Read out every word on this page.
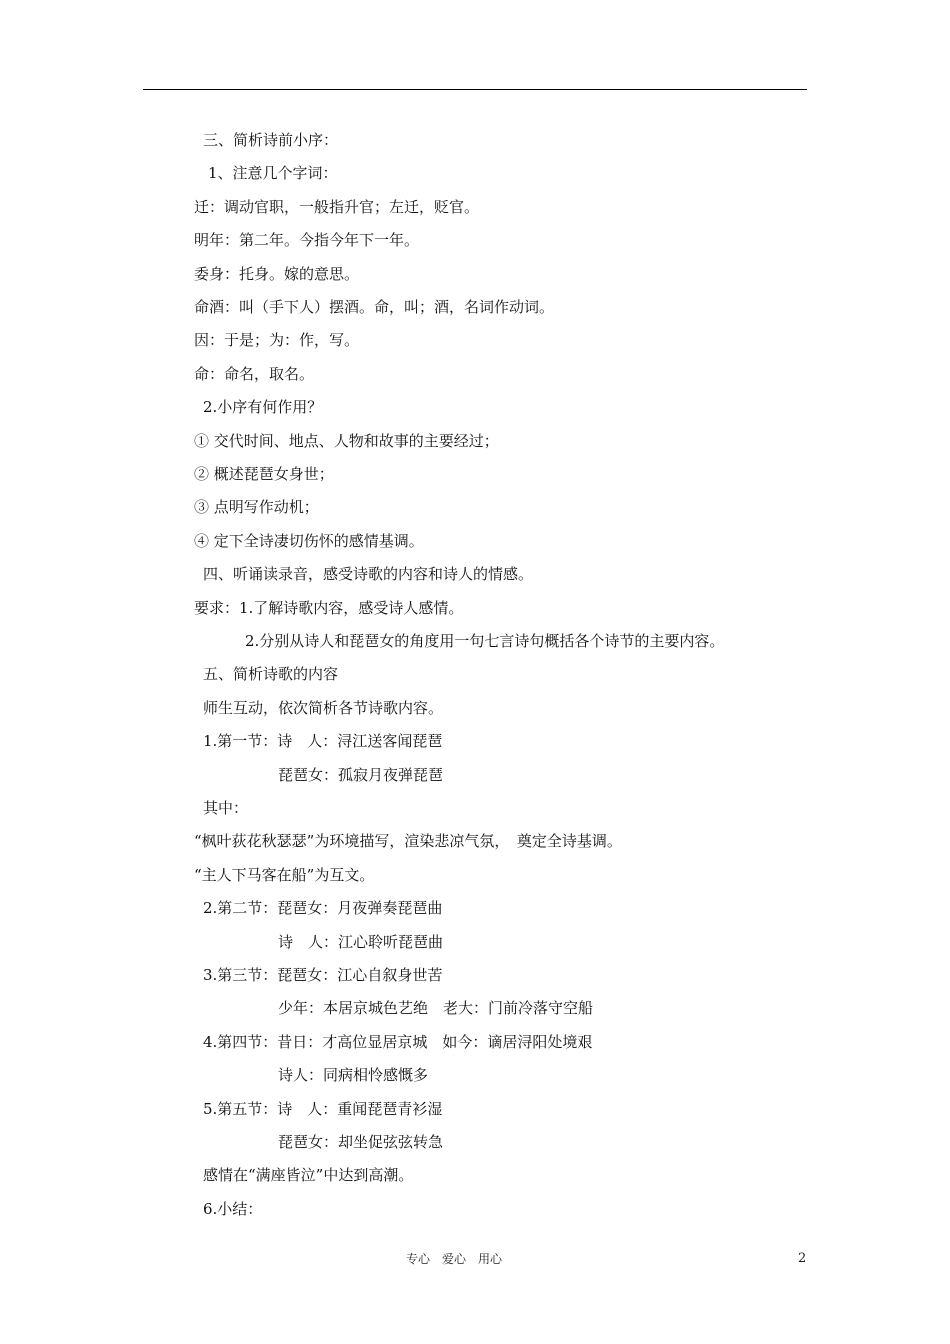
三、简析诗前小序：
1、注意几个字词：
迁：调动官职，一般指升官；左迁，贬官。
明年：第二年。今指今年下一年。
委身：托身。嫁的意思。
命酒：叫（手下人）摆酒。命，叫；酒，名词作动词。
因：于是；为：作，写。
命：命名，取名。
2.小序有何作用？
① 交代时间、地点、人物和故事的主要经过；
② 概述琵琶女身世；
③ 点明写作动机；
④ 定下全诗凄切伤怀的感情基调。
四、听诵读录音，感受诗歌的内容和诗人的情感。
要求：1.了解诗歌内容，感受诗人感情。
2.分别从诗人和琵琶女的角度用一句七言诗句概括各个诗节的主要内容。
五、简析诗歌的内容
师生互动，依次简析各节诗歌内容。
1.第一节：诗　人：浔江送客闻琵琶
琵琶女：孤寂月夜弹琵琶
其中：
“枫叶荻花秋瑟瑟”为环境描写，渲染悲凉气氛，　奠定全诗基调。
“主人下马客在船”为互文。
2.第二节：琵琶女：月夜弹奏琵琶曲
诗　人：江心聆听琵琶曲
3.第三节：琵琶女：江心自叙身世苦
少年：本居京城色艺绝　老大：门前冷落守空船
4.第四节：昔日：才高位显居京城　如今：谪居浔阳处境艰
诗人：同病相怜感慨多
5.第五节：诗　人：重闻琵琶青衫湿
琵琶女：却坐促弦弦转急
感情在“满座皆泣”中达到高潮。
6.小结：
专心　爱心　用心	2
